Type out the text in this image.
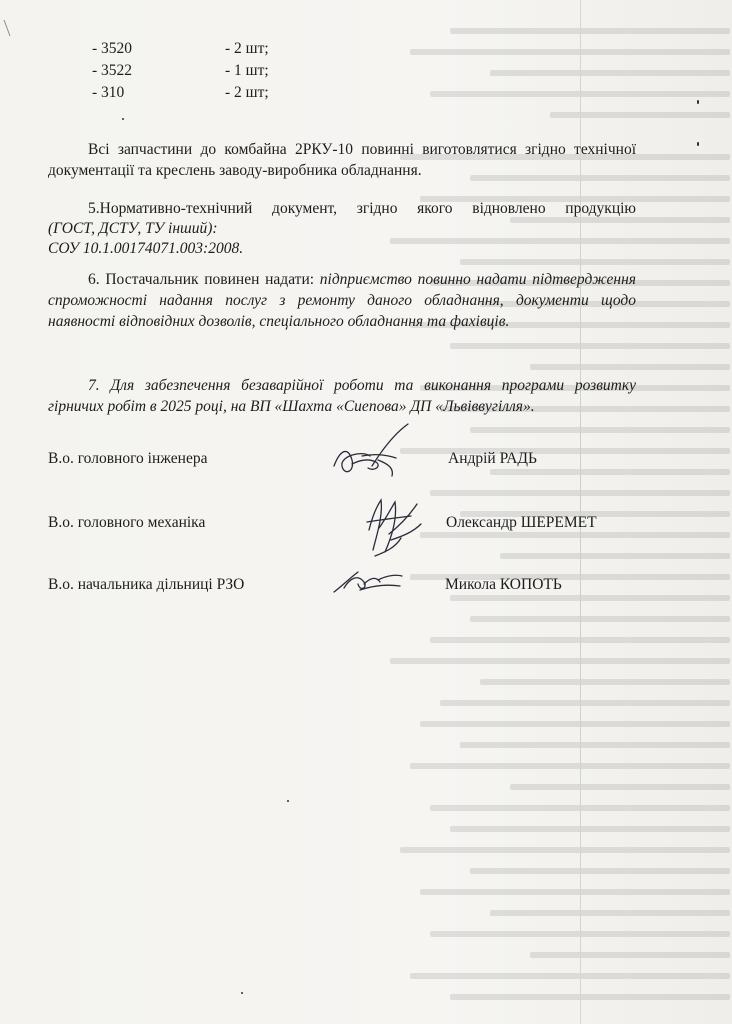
- 3520	- 2 шт;
- 3522	- 1 шт;
- 310	- 2 шт;

Всі запчастини до комбайна 2РКУ-10 повинні виготовлятися згідно технічної документації та креслень заводу-виробника обладнання.

5.Нормативно-технічний документ, згідно якого відновлено продукцію
(ГОСТ, ДСТУ, ТУ інший):
СОУ 10.1.00174071.003:2008.

6. Постачальник повинен надати: підприємство повинно надати підтвердження спроможності надання послуг з ремонту даного обладнання, документи щодо наявності відповідних дозволів, спеціального обладнання та фахівців.

7. Для забезпечення безаварійної роботи та виконання програми розвитку гірничих робіт в 2025 році, на ВП «Шахта «Сиепова» ДП «Львіввугілля».

В.о. головного інженера	Андрій РАДЬ
В.о. головного механіка	Олександр ШЕРЕМЕТ
В.о. начальника дільниці РЗО	Микола КОПОТЬ
